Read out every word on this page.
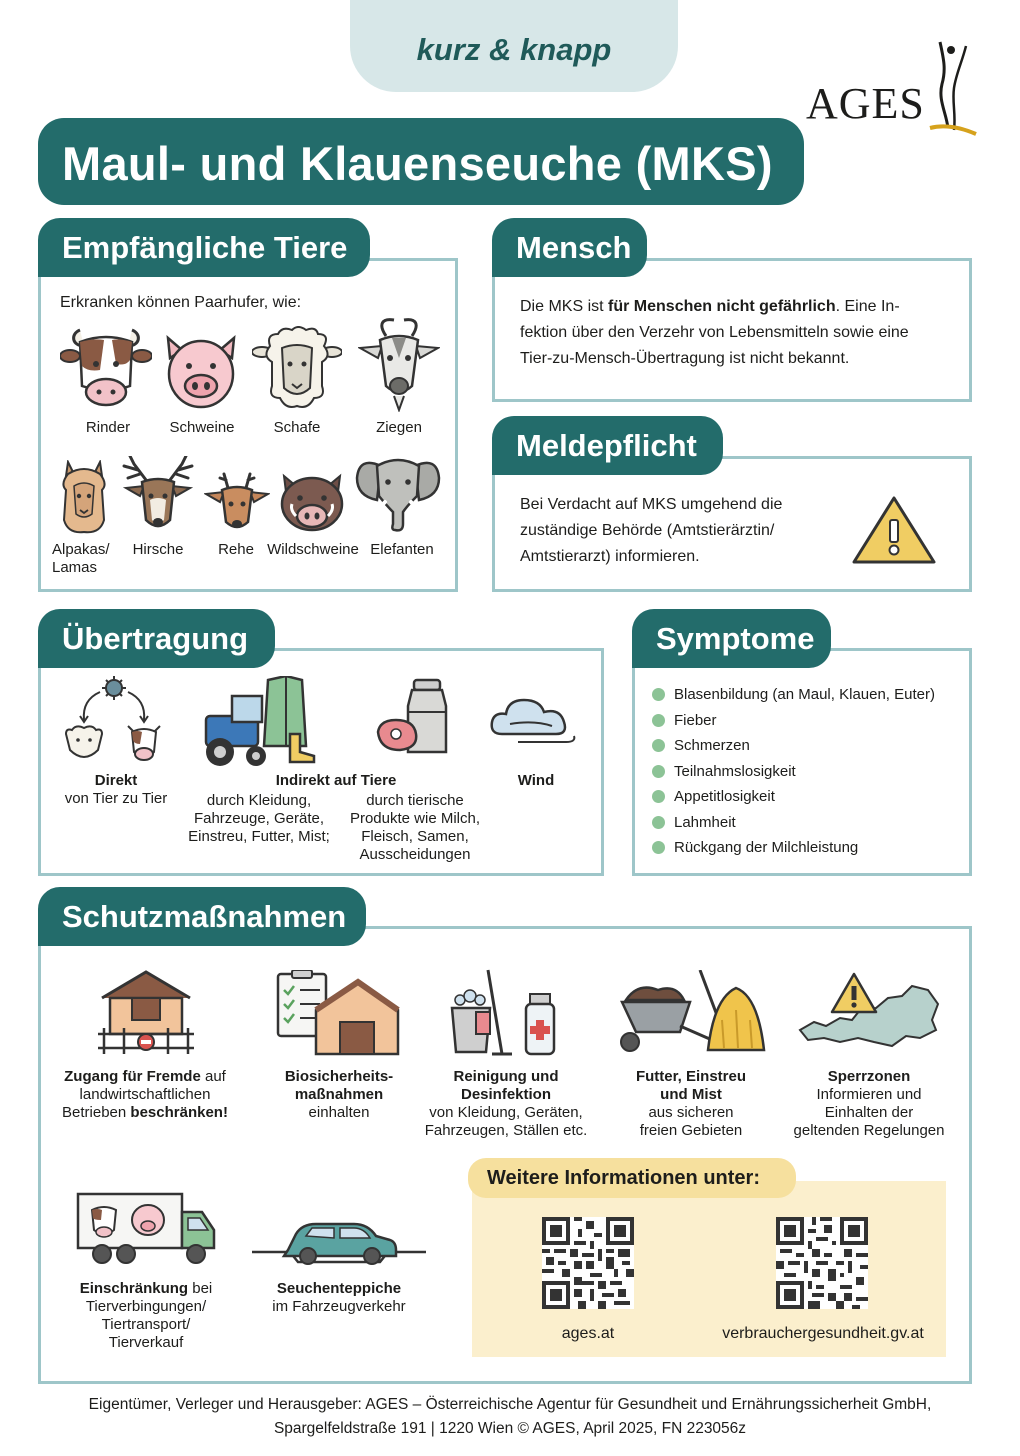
kurz & knapp
AGES
Maul- und Klauenseuche (MKS)
Empfängliche Tiere
Erkranken können Paarhufer, wie:
Rinder	Schweine	Schafe	Ziegen
Alpakas/
Lamas
Hirsche	Rehe Wildschweine Elefanten
Mensch
Die MKS ist für Menschen nicht gefährlich. Eine In-
fektion über den Verzehr von Lebensmitteln sowie eine
Tier-zu-Mensch-Übertragung ist nicht bekannt.
Meldepflicht
Bei Verdacht auf MKS umgehend die
zuständige Behörde (Amtstierärztin/
Amtstierarzt) informieren.
Übertragung
Direkt
von Tier zu Tier
Indirekt auf Tiere
durch Kleidung,
Fahrzeuge, Geräte,
Einstreu, Futter, Mist;
durch tierische
Produkte wie Milch,
Fleisch, Samen,
Ausscheidungen
Wind
Symptome
Blasenbildung (an Maul, Klauen, Euter)
Fieber
Schmerzen
Teilnahmslosigkeit
Appetitlosigkeit
Lahmheit
Rückgang der Milchleistung
Schutzmaßnahmen
Zugang für Fremde auf
landwirtschaftlichen
Betrieben beschränken!
Biosicherheits-
maßnahmen
einhalten
Reinigung und
Desinfektion
von Kleidung, Geräten,
Fahrzeugen, Ställen etc.
Futter, Einstreu
und Mist
aus sicheren
freien Gebieten
Sperrzonen
Informieren und
Einhalten der
geltenden Regelungen
Einschränkung bei
Tierverbingungen/
Tiertransport/
Tierverkauf
Seuchenteppiche
im Fahrzeugverkehr
Weitere Informationen unter:
ages.at	verbrauchergesundheit.gv.at
Eigentümer, Verleger und Herausgeber: AGES – Österreichische Agentur für Gesundheit und Ernährungssicherheit GmbH,
Spargelfeldstraße 191 | 1220 Wien © AGES, April 2025, FN 223056z
